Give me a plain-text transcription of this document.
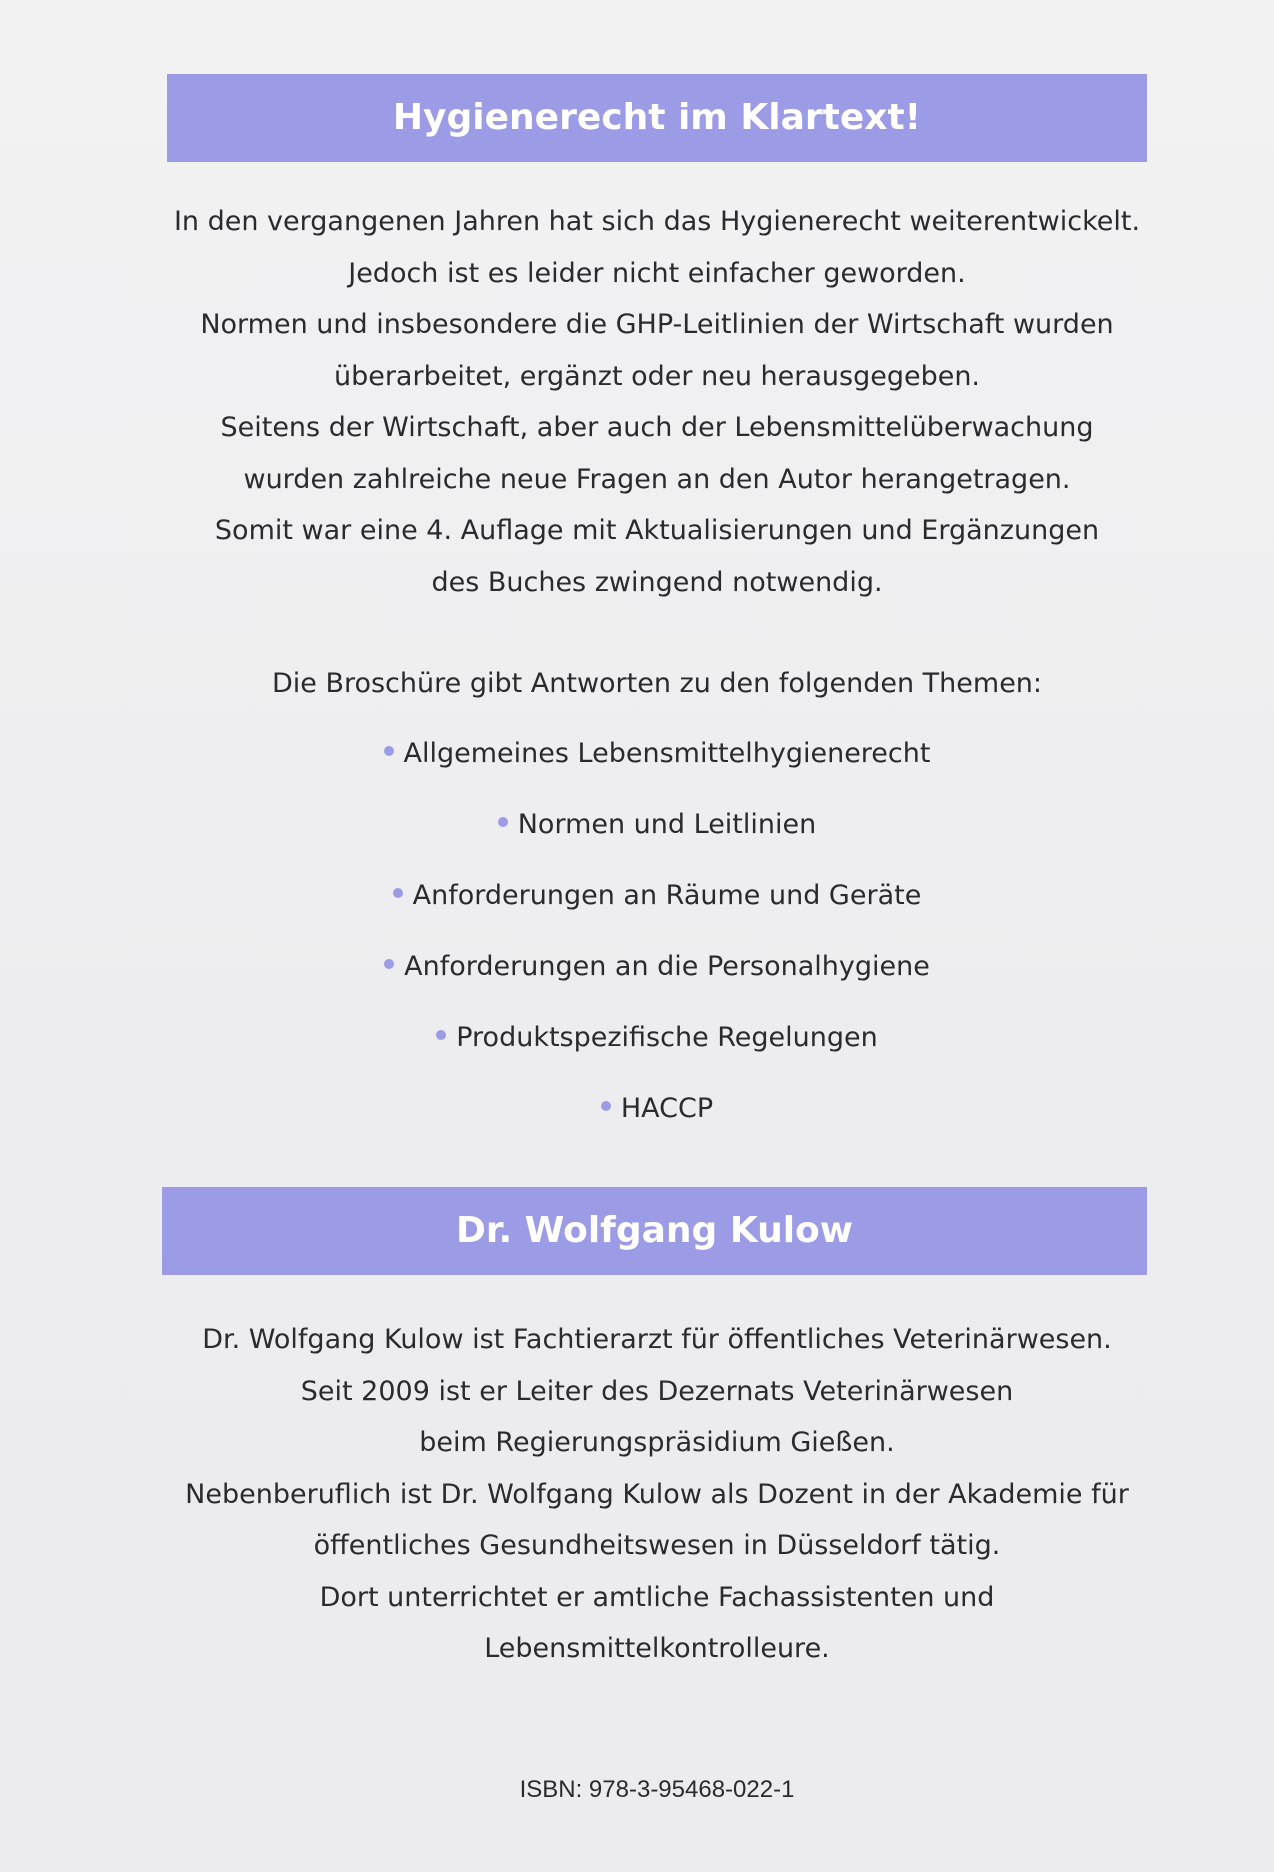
Hygienerecht im Klartext!
In den vergangenen Jahren hat sich das Hygienerecht weiterentwickelt.
Jedoch ist es leider nicht einfacher geworden.
Normen und insbesondere die GHP-Leitlinien der Wirtschaft wurden
überarbeitet, ergänzt oder neu herausgegeben.
Seitens der Wirtschaft, aber auch der Lebensmittelüberwachung
wurden zahlreiche neue Fragen an den Autor herangetragen.
Somit war eine 4. Auflage mit Aktualisierungen und Ergänzungen
des Buches zwingend notwendig.
Die Broschüre gibt Antworten zu den folgenden Themen:
Allgemeines Lebensmittelhygienerecht
Normen und Leitlinien
Anforderungen an Räume und Geräte
Anforderungen an die Personalhygiene
Produktspezifische Regelungen
HACCP
Dr. Wolfgang Kulow
Dr. Wolfgang Kulow ist Fachtierarzt für öffentliches Veterinärwesen.
Seit 2009 ist er Leiter des Dezernats Veterinärwesen
beim Regierungspräsidium Gießen.
Nebenberuflich ist Dr. Wolfgang Kulow als Dozent in der Akademie für
öffentliches Gesundheitswesen in Düsseldorf tätig.
Dort unterrichtet er amtliche Fachassistenten und
Lebensmittelkontrolleure.
ISBN: 978-3-95468-022-1
